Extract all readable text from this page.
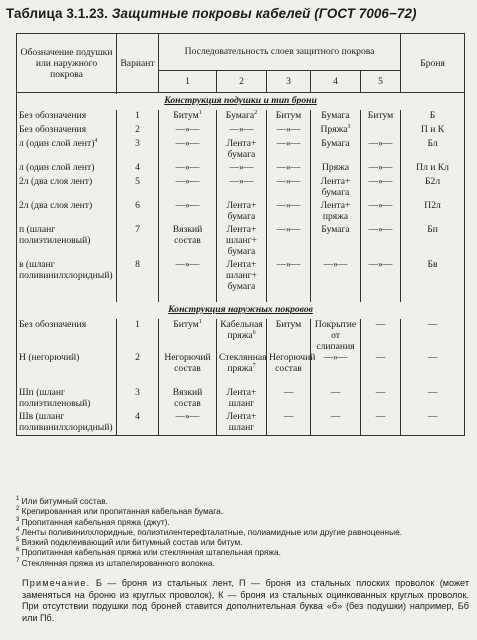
Таблица 3.1.23. Защитные покровы кабелей (ГОСТ 7006−72)
Обозначение подушки или наружного покрова	Вариант	Последовательность слоев защитного покрова					Броня
		1	2	3	4	5	

Конструкция подушки и тип брони							
Без обозначения	1	Битум$^1$	Бумага$^2$	Битум	Бумага	Битум	Б
Без обозначения	2	—»—	—»—	—»—	Пряжа$^3$		П и К
л (один слой лент)$^4$	3	—»—	Лента+ бумага	—»—	Бумага	—»—	Бл
л (один слой лент)	4	—»—	—»—	—»—	Пряжа	—»—	Пл и Кл
2л (два слоя лент)	5	—»—	—»—	—»—	Лента+ бумага	—»—	Б2л
2л (два слоя лент)	6	—»—	Лента+ бумага	—»—	Лента+ пряжа	—»—	П2л
п (шланг полиэтиленовый)	7	Вязкий состав	Лента+ шланг+ бумага	—»—	Бумага	—»—	Бп
в (шланг поливинилхлоридный)	8	—»—	Лента+ шланг+ бумага	—»—	—»—	—»—	Бв
Конструкция наружных покровов							
Без обозначения	1	Битум$^1$	Кабельная пряжа$^6$	Битум	Покрытие от слипания	—	—
Н (негорючий)	2	Негорючий состав	Стеклянная пряжа$^7$	Негорючий состав	—»—	—	—
Шп (шланг полиэтиленовый)	3	Вязкий состав	Лента+ шланг	—	—	—	—
Шв (шланг поливинилхлоридный)	4	—»—	Лента+ шланг	—	—	—	—
$^1$ Или битумный состав.
$^2$ Крепированная или пропитанная кабельная бумага.
$^3$ Пропитанная кабельная пряжа (джут).
$^4$ Ленты поливинилхлоридные, полиэтилентерефталатные, полиамидные или другие равноценные.
$^5$ Вязкий подклеивающий или битумный состав или битум.
$^6$ Пропитанная кабельная пряжа или стеклянная штапельная пряжа.
$^7$ Стеклянная пряжа из штапелированного волокна.
Примечание. Б — броня из стальных лент, П — броня из стальных плоских проволок (может заменяться на броню из круглых проволок), К — броня из стальных оцинкованных круглых проволок. При отсутствии подушки под броней ставится дополнительная буква «б» (без подушки) например, Бб или Пб.
